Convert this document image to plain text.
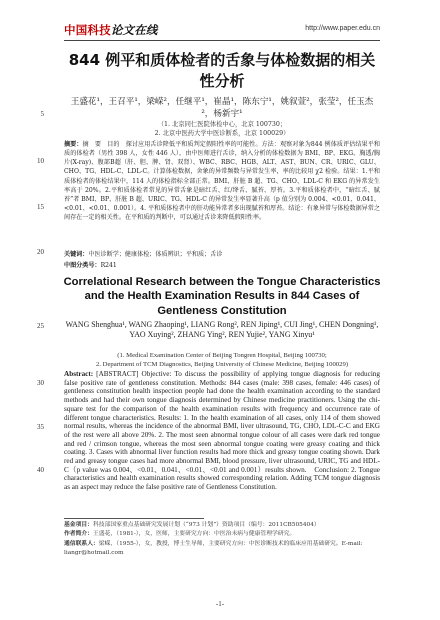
中国科技论文在线	http://www.paper.edu.cn
844 例平和质体检者的舌象与体检数据的相关性分析
王盛花¹，王召平¹，梁嵘²，任继平¹，崔晶¹，陈东宁¹，姚叙萱²，张莹²，任玉杰²，杨新宇¹
（1. 北京同仁医院体检中心，北京 100730；
2. 北京中医药大学中医诊断系，北京 100029）
摘要：摘　要　目的　探讨应用舌诊降低平和质判定假阳性率的可能性。方法：观察对象为844 例体质评估结果平和质的体检者（男性 398 人，女性 446 人），由中医师进行舌诊，纳入分析的体检数据为 BMI、BP、EKG、胸透/胸片(X-ray)、腹部B超（肝、胆、脾、肾、双肾）、WBC、RBC、HGB、ALT、AST、BUN、CR、URIC、GLU、CHO、TG、HDL-C、LDL-C。计算体检数据，舍象的异常频数与异常发生率，率的比较用 χ2 检验。结果：1.平和质体检者的体检结果中，114 人的体检指标全部正常。BMI、肝脏 B 超、TG、CHO、LDL-C 和 EKG 的异常发生率高于 20%。2.平和质体检者常见的异常舌象是暗红舌、红/绛舌、腻苔、厚苔。3.平和质体检者中，“暗红舌、腻苔”者 BMI、BP、肝脏 B 超、URIC、TG、HDL-C 的异常发生率显著升高（p 值分别为 0.004、<0.01、0.041、<0.01、<0.01、0.001）。4. 平和质体检者中的肝功能异常者多出现腻苔和厚苔。结论：有象异常与体检数据异常之间存在一定的相关性。在平和质的判断中，可以通过舌诊来降低假阳性率。
关键词：中医诊断学；健康体检；体质辨识；平和质；舌诊
中图分类号：R241
Correlational Research between the Tongue Characteristics and the Health Examination Results in 844 Cases of Gentleness Constitution
WANG Shenghua¹, WANG Zhaoping¹, LIANG Rong², REN Jiping¹, CUI Jing¹, CHEN Dongning¹, YAO Xuying², ZHANG Ying², REN Yujie², YANG Xinyu¹
(1. Medical Examination Center of Beijing Tongren Hospital, Beijing 100730;
2. Department of TCM Diagnostics, Beijing University of Chinese Medicine, Beijing 100029)
Abstract: [ABSTRACT] Objective: To discuss the possibility of applying tongue diagnosis for reducing false positive rate of gentleness constitution. Methods: 844 cases (male: 398 cases, female: 446 cases) of gentleness constitution health inspection people had done the health examination according to the standard methods and had their own tongue diagnosis determined by Chinese medicine practitioners. Using the chi-square test for the comparison of the health examination results with frequency and occurrence rate of different tongue characteristics. Results: 1. In the health examination of all cases, only 114 of them showed normal results, whereas the incidence of the abnormal BMI, liver ultrasound, TG, CHO, LDL-C-C and EKG of the rest were all above 20%. 2. The most seen abnormal tongue colour of all cases were dark red tongue and red / crimson tongue, whereas the most seen abnormal tongue coating were greasy coating and thick coating. 3. Cases with abnormal liver function results had more thick and greasy tongue coating shown. Dark red and greasy tongue cases had more abnormal BMI, blood pressure, liver ultrasound, URIC, TG and HDL-C（p value was 0.004、<0.01、0.041、<0.01、<0.01 and 0.001）results shown.　Conclusion: 2. Tongue characteristics and health examination results showed corresponding relation. Adding TCM tongue diagnosis as an aspect may reduce the false positive rate of Gentleness Constitution.
基金项目：科技部国家重点基础研究发展计划（“973 计划”）资助项目（编号：2011CB505404）
作者简介：王盛花，（1981-），女，医师，主要研究方向：中医治未病与健康管理学研究。
通信联系人：梁嵘，（1955-），女，教授，博士生导师，主要研究方向：中医诊断技术的临床应用基础研究。E-mail: liangr@hotmail.com
5
10
15
20
25
30
35
40
-1-
